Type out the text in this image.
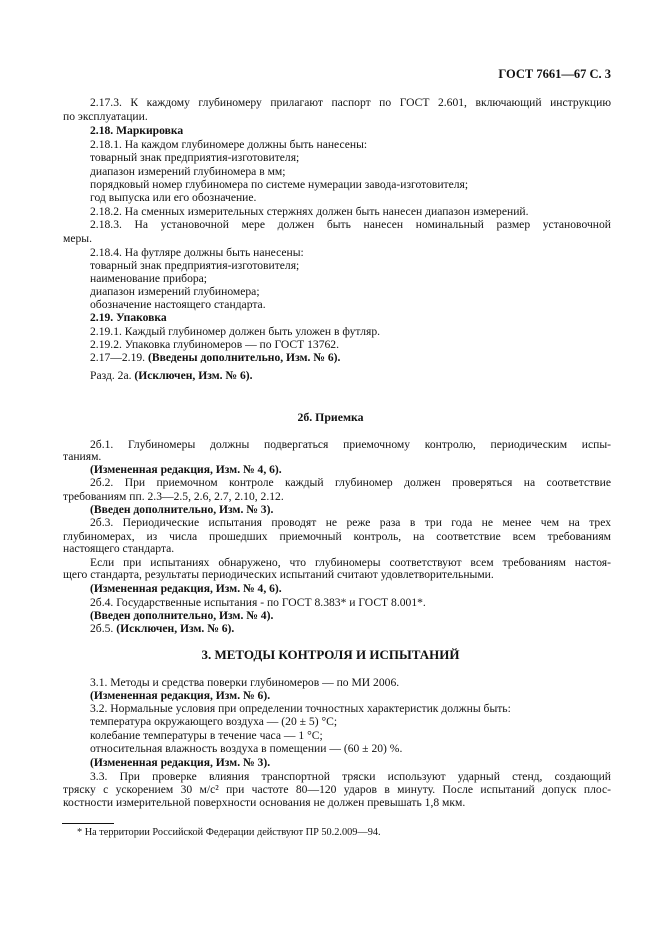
ГОСТ 7661—67 С. 3
2б. Приемка
3. МЕТОДЫ КОНТРОЛЯ И ИСПЫТАНИЙ
2.17.3. К каждому глубиномеру прилагают паспорт по ГОСТ 2.601, включающий инструкцию
по эксплуатации.
2.18. Маркировка
2.18.1. На каждом глубиномере должны быть нанесены:
товарный знак предприятия-изготовителя;
диапазон измерений глубиномера в мм;
порядковый номер глубиномера по системе нумерации завода-изготовителя;
год выпуска или его обозначение.
2.18.2. На сменных измерительных стержнях должен быть нанесен диапазон измерений.
2.18.3. На установочной мере должен быть нанесен номинальный размер установочной
меры.
2.18.4. На футляре должны быть нанесены:
товарный знак предприятия-изготовителя;
наименование прибора;
диапазон измерений глубиномера;
обозначение настоящего стандарта.
2.19. Упаковка
2.19.1. Каждый глубиномер должен быть уложен в футляр.
2.19.2. Упаковка глубиномеров — по ГОСТ 13762.
2.17—2.19. (Введены дополнительно, Изм. № 6).
Разд. 2а. (Исключен, Изм. № 6).
2б.1. Глубиномеры должны подвергаться приемочному контролю, периодическим испы-
таниям.
(Измененная редакция, Изм. № 4, 6).
2б.2. При приемочном контроле каждый глубиномер должен проверяться на соответствие
требованиям пп. 2.3—2.5, 2.6, 2.7, 2.10, 2.12.
(Введен дополнительно, Изм. № 3).
2б.3. Периодические испытания проводят не реже раза в три года не менее чем на трех
глубиномерах, из числа прошедших приемочный контроль, на соответствие всем требованиям
настоящего стандарта.
Если при испытаниях обнаружено, что глубиномеры соответствуют всем требованиям настоя-
щего стандарта, результаты периодических испытаний считают удовлетворительными.
(Измененная редакция, Изм. № 4, 6).
2б.4. Государственные испытания - по ГОСТ 8.383* и ГОСТ 8.001*.
(Введен дополнительно, Изм. № 4).
2б.5. (Исключен, Изм. № 6).
3.1. Методы и средства поверки глубиномеров — по МИ 2006.
(Измененная редакция, Изм. № 6).
3.2. Нормальные условия при определении точностных характеристик должны быть:
температура окружающего воздуха — (20 ± 5) °С;
колебание температуры в течение часа — 1 °С;
относительная влажность воздуха в помещении — (60 ± 20) %.
(Измененная редакция, Изм. № 3).
3.3. При проверке влияния транспортной тряски используют ударный стенд, создающий
тряску с ускорением 30 м/с² при частоте 80—120 ударов в минуту. После испытаний допуск плос-
костности измерительной поверхности основания не должен превышать 1,8 мкм.
* На территории Российской Федерации действуют ПР 50.2.009—94.
